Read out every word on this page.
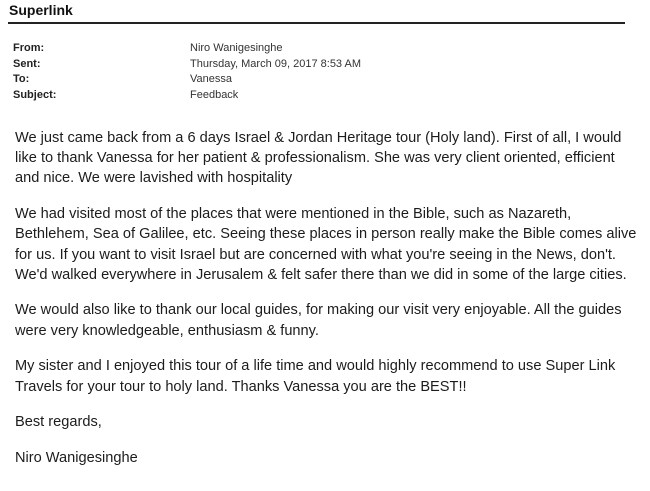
Superlink
From:	Niro Wanigesinghe
Sent:	Thursday, March 09, 2017 8:53 AM
To:	Vanessa
Subject:	Feedback

We just came back from a 6 days Israel & Jordan Heritage tour (Holy land). First of all, I would like to thank Vanessa for her patient & professionalism. She was very client oriented, efficient and nice. We were lavished with hospitality

We had visited most of the places that were mentioned in the Bible, such as Nazareth, Bethlehem, Sea of Galilee, etc. Seeing these places in person really make the Bible comes alive for us. If you want to visit Israel but are concerned with what you're seeing in the News, don't. We'd walked everywhere in Jerusalem & felt safer there than we did in some of the large cities.

We would also like to thank our local guides, for making our visit very enjoyable. All the guides were very knowledgeable, enthusiasm & funny.

My sister and I enjoyed this tour of a life time and would highly recommend to use Super Link Travels for your tour to holy land. Thanks Vanessa you are the BEST!!

Best regards,

Niro Wanigesinghe
